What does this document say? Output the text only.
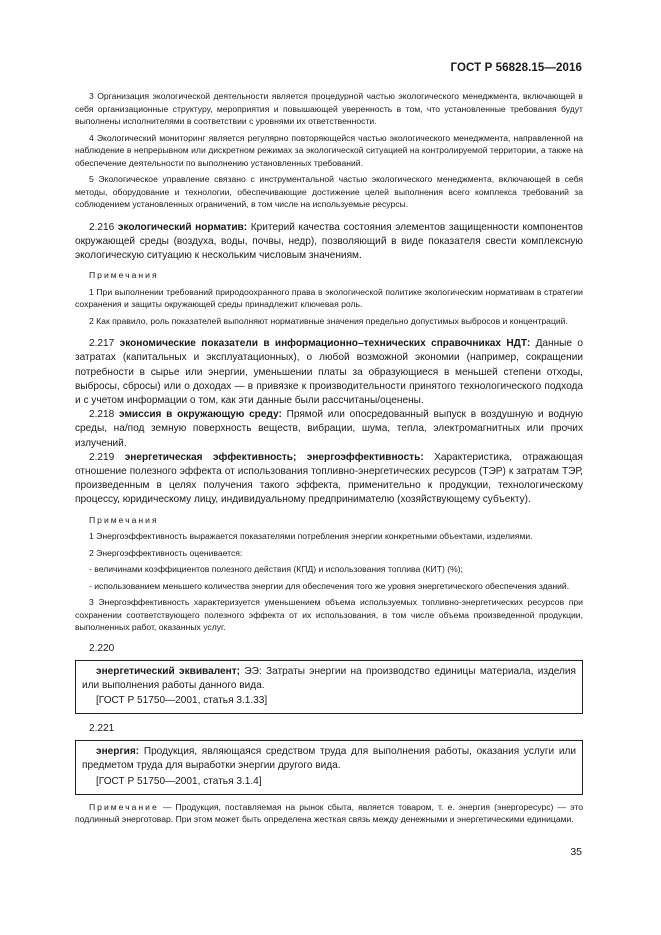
ГОСТ Р 56828.15—2016

3 Организация экологической деятельности является процедурной частью экологического менеджмента, включающей в себя организационные структуру, мероприятия и повышающей уверенность в том, что установленные требования будут выполнены исполнителями в соответствии с уровнями их ответственности.

4 Экологический мониторинг является регулярно повторяющейся частью экологического менеджмента, направленной на наблюдение в непрерывном или дискретном режимах за экологической ситуацией на контролируемой территории, а также на обеспечение деятельности по выполнению установленных требований.

5 Экологическое управление связано с инструментальной частью экологического менеджмента, включающей в себя методы, оборудование и технологии, обеспечивающие достижение целей выполнения всего комплекса требований за соблюдением установленных ограничений, в том числе на используемые ресурсы.

2.216 экологический норматив: Критерий качества состояния элементов защищенности компонентов окружающей среды (воздуха, воды, почвы, недр), позволяющий в виде показателя свести комплексную экологическую ситуацию к нескольким числовым значениям.

Примечания

1 При выполнении требований природоохранного права в экологической политике экологическим нормативам в стратегии сохранения и защиты окружающей среды принадлежит ключевая роль.

2 Как правило, роль показателей выполняют нормативные значения предельно допустимых выбросов и концентраций.

2.217 экономические показатели в информационно–технических справочниках НДТ: Данные о затратах (капитальных и эксплуатационных), о любой возможной экономии (например, сокращении потребности в сырье или энергии, уменьшении платы за образующиеся в меньшей степени отходы, выбросы, сбросы) или о доходах — в привязке к производительности принятого технологического подхода и с учетом информации о том, как эти данные были рассчитаны/оценены.

2.218 эмиссия в окружающую среду: Прямой или опосредованный выпуск в воздушную и водную среды, на/под земную поверхность веществ, вибрации, шума, тепла, электромагнитных или прочих излучений.

2.219 энергетическая эффективность; энергоэффективность: Характеристика, отражающая отношение полезного эффекта от использования топливно-энергетических ресурсов (ТЭР) к затратам ТЭР, произведенным в целях получения такого эффекта, применительно к продукции, технологическому процессу, юридическому лицу, индивидуальному предпринимателю (хозяйствующему субъекту).

Примечания

1 Энергоэффективность выражается показателями потребления энергии конкретными объектами, изделиями.

2 Энергоэффективность оценивается:

- величинами коэффициентов полезного действия (КПД) и использования топлива (КИТ) (%);

- использованием меньшего количества энергии для обеспечения того же уровня энергетического обеспечения зданий.

3 Энергоэффективность характеризуется уменьшением объема используемых топливно-энергетических ресурсов при сохранении соответствующего полезного эффекта от их использования, в том числе объема произведенной продукции, выполненных работ, оказанных услуг.

2.220

энергетический эквивалент; ЭЭ: Затраты энергии на производство единицы материала, изделия или выполнения работы данного вида.

[ГОСТ Р 51750—2001, статья 3.1.33]

2.221

энергия: Продукция, являющаяся средством труда для выполнения работы, оказания услуги или предметом труда для выработки энергии другого вида.

[ГОСТ Р 51750—2001, статья 3.1.4]

Примечание — Продукция, поставляемая на рынок сбыта, является товаром, т. е. энергия (энергоресурс) — это подлинный энерготовар. При этом может быть определена жесткая связь между денежными и энергетическими единицами.

35
